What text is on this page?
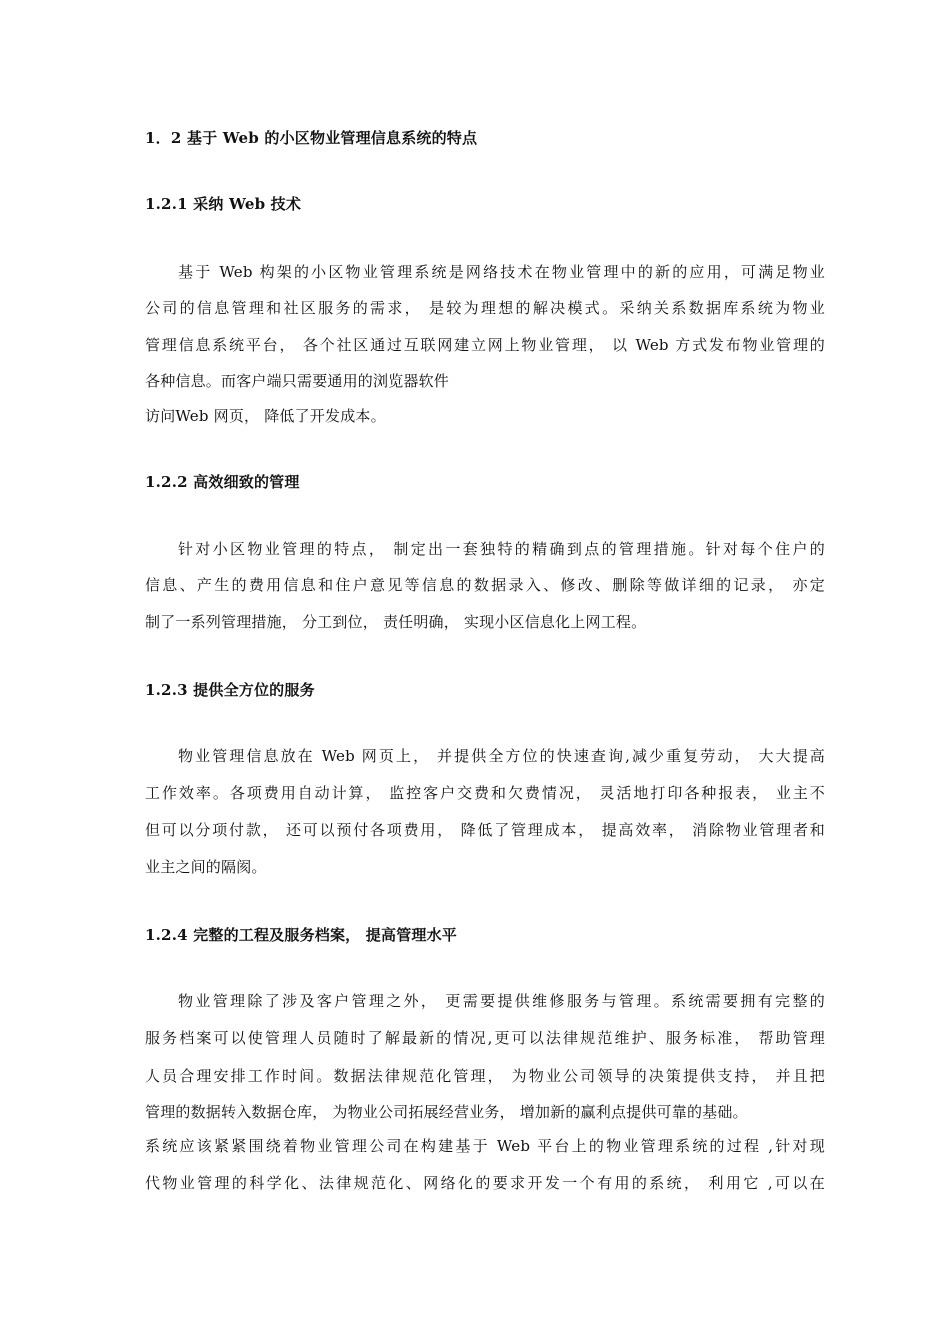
1．2 基于 Web 的小区物业管理信息系统的特点
1.2.1 采纳 Web 技术
基于 Web 构架的小区物业管理系统是网络技术在物业管理中的新的应用，可满足物业
公司的信息管理和社区服务的需求， 是较为理想的解决模式。采纳关系数据库系统为物业
管理信息系统平台， 各个社区通过互联网建立网上物业管理， 以 Web 方式发布物业管理的
各种信息。而客户端只需要通用的浏览器软件
访问Web 网页， 降低了开发成本。
1.2.2 高效细致的管理
针对小区物业管理的特点， 制定出一套独特的精确到点的管理措施。针对每个住户的
信息、产生的费用信息和住户意见等信息的数据录入、修改、删除等做详细的记录， 亦定
制了一系列管理措施， 分工到位， 责任明确， 实现小区信息化上网工程。
1.2.3 提供全方位的服务
物业管理信息放在 Web 网页上， 并提供全方位的快速查询,减少重复劳动， 大大提高
工作效率。各项费用自动计算， 监控客户交费和欠费情况， 灵活地打印各种报表， 业主不
但可以分项付款， 还可以预付各项费用， 降低了管理成本， 提高效率， 消除物业管理者和
业主之间的隔阂。
1.2.4 完整的工程及服务档案， 提高管理水平
物业管理除了涉及客户管理之外， 更需要提供维修服务与管理。系统需要拥有完整的
服务档案可以使管理人员随时了解最新的情况,更可以法律规范维护、服务标准， 帮助管理
人员合理安排工作时间。数据法律规范化管理， 为物业公司领导的决策提供支持， 并且把
管理的数据转入数据仓库， 为物业公司拓展经营业务， 增加新的赢利点提供可靠的基础。
系统应该紧紧围绕着物业管理公司在构建基于 Web 平台上的物业管理系统的过程 ,针对现
代物业管理的科学化、法律规范化、网络化的要求开发一个有用的系统， 利用它 ,可以在
